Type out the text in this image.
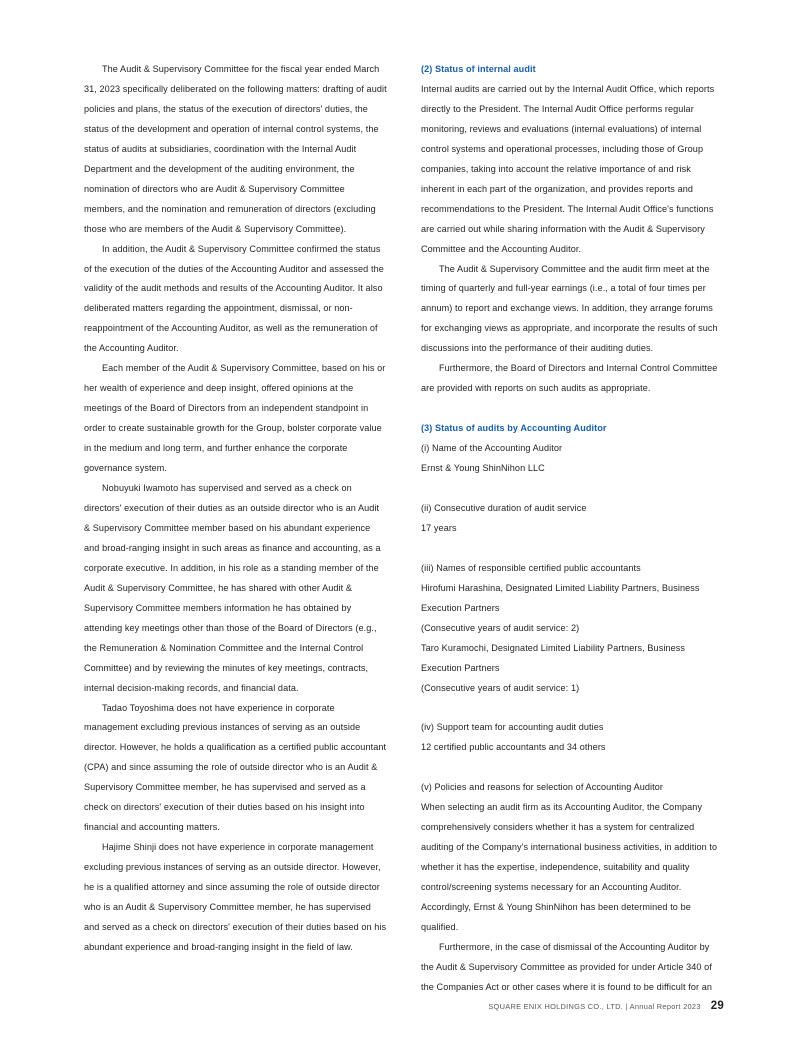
The Audit & Supervisory Committee for the fiscal year ended March 31, 2023 specifically deliberated on the following matters: drafting of audit policies and plans, the status of the execution of directors' duties, the status of the development and operation of internal control systems, the status of audits at subsidiaries, coordination with the Internal Audit Department and the development of the auditing environment, the nomination of directors who are Audit & Supervisory Committee members, and the nomination and remuneration of directors (excluding those who are members of the Audit & Supervisory Committee).

In addition, the Audit & Supervisory Committee confirmed the status of the execution of the duties of the Accounting Auditor and assessed the validity of the audit methods and results of the Accounting Auditor. It also deliberated matters regarding the appointment, dismissal, or non-reappointment of the Accounting Auditor, as well as the remuneration of the Accounting Auditor.

Each member of the Audit & Supervisory Committee, based on his or her wealth of experience and deep insight, offered opinions at the meetings of the Board of Directors from an independent standpoint in order to create sustainable growth for the Group, bolster corporate value in the medium and long term, and further enhance the corporate governance system.

Nobuyuki Iwamoto has supervised and served as a check on directors' execution of their duties as an outside director who is an Audit & Supervisory Committee member based on his abundant experience and broad-ranging insight in such areas as finance and accounting, as a corporate executive. In addition, in his role as a standing member of the Audit & Supervisory Committee, he has shared with other Audit & Supervisory Committee members information he has obtained by attending key meetings other than those of the Board of Directors (e.g., the Remuneration & Nomination Committee and the Internal Control Committee) and by reviewing the minutes of key meetings, contracts, internal decision-making records, and financial data.

Tadao Toyoshima does not have experience in corporate management excluding previous instances of serving as an outside director. However, he holds a qualification as a certified public accountant (CPA) and since assuming the role of outside director who is an Audit & Supervisory Committee member, he has supervised and served as a check on directors' execution of their duties based on his insight into financial and accounting matters.

Hajime Shinji does not have experience in corporate management excluding previous instances of serving as an outside director. However, he is a qualified attorney and since assuming the role of outside director who is an Audit & Supervisory Committee member, he has supervised and served as a check on directors' execution of their duties based on his abundant experience and broad-ranging insight in the field of law.

(2) Status of internal audit

Internal audits are carried out by the Internal Audit Office, which reports directly to the President. The Internal Audit Office performs regular monitoring, reviews and evaluations (internal evaluations) of internal control systems and operational processes, including those of Group companies, taking into account the relative importance of and risk inherent in each part of the organization, and provides reports and recommendations to the President. The Internal Audit Office's functions are carried out while sharing information with the Audit & Supervisory Committee and the Accounting Auditor.

The Audit & Supervisory Committee and the audit firm meet at the timing of quarterly and full-year earnings (i.e., a total of four times per annum) to report and exchange views. In addition, they arrange forums for exchanging views as appropriate, and incorporate the results of such discussions into the performance of their auditing duties.

Furthermore, the Board of Directors and Internal Control Committee are provided with reports on such audits as appropriate.

(3) Status of audits by Accounting Auditor

(i) Name of the Accounting Auditor

Ernst & Young ShinNihon LLC

(ii) Consecutive duration of audit service

17 years

(iii) Names of responsible certified public accountants

Hirofumi Harashina, Designated Limited Liability Partners, Business Execution Partners

(Consecutive years of audit service: 2)

Taro Kuramochi, Designated Limited Liability Partners, Business Execution Partners

(Consecutive years of audit service: 1)

(iv) Support team for accounting audit duties

12 certified public accountants and 34 others

(v) Policies and reasons for selection of Accounting Auditor

When selecting an audit firm as its Accounting Auditor, the Company comprehensively considers whether it has a system for centralized auditing of the Company's international business activities, in addition to whether it has the expertise, independence, suitability and quality control/screening systems necessary for an Accounting Auditor. Accordingly, Ernst & Young ShinNihon has been determined to be qualified.

Furthermore, in the case of dismissal of the Accounting Auditor by the Audit & Supervisory Committee as provided for under Article 340 of the Companies Act or other cases where it is found to be difficult for an

SQUARE ENIX HOLDINGS CO., LTD. | Annual Report 2023 29
